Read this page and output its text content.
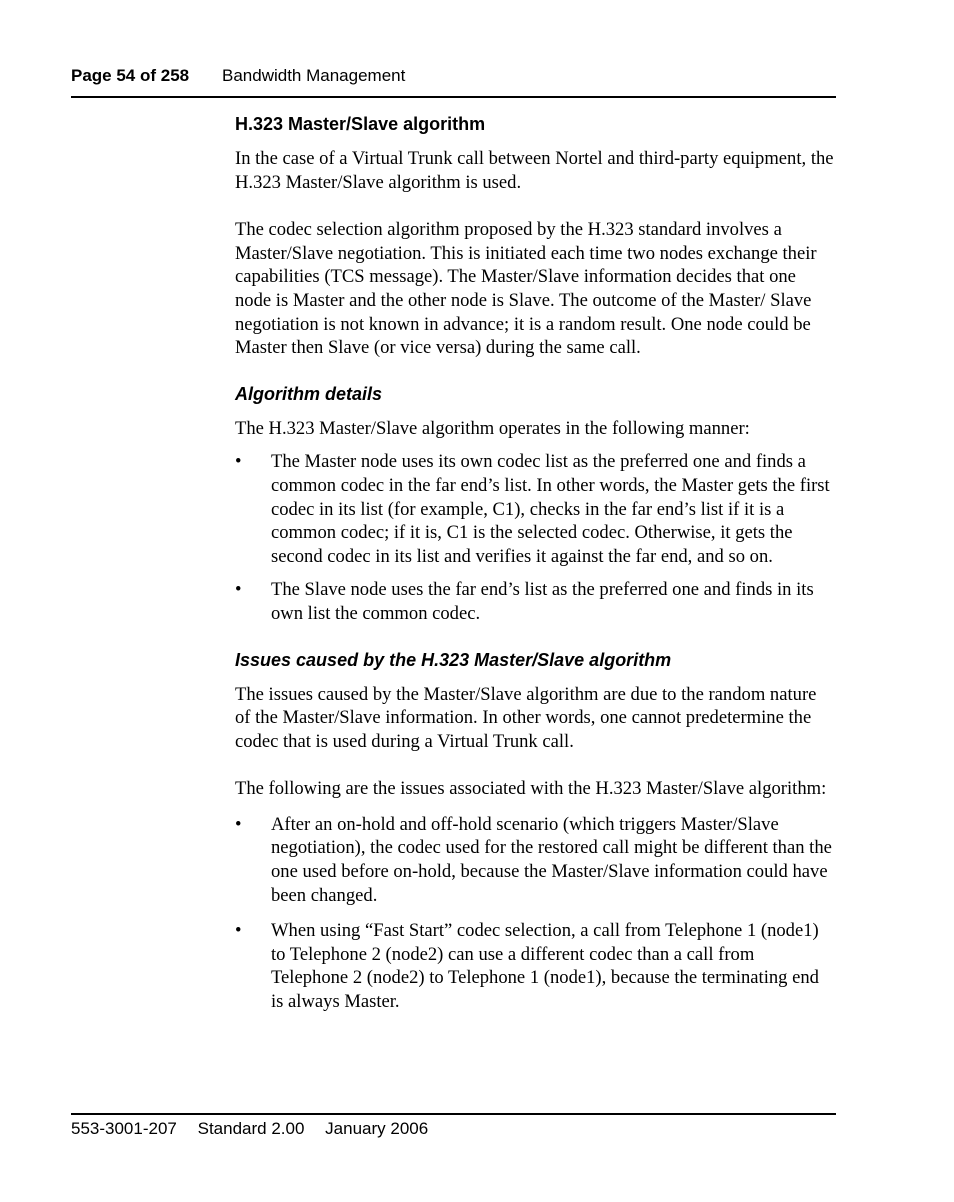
Page 54 of 258 Bandwidth Management
H.323 Master/Slave algorithm

In the case of a Virtual Trunk call between Nortel and third-party equipment, the H.323 Master/Slave algorithm is used.

The codec selection algorithm proposed by the H.323 standard involves a Master/Slave negotiation. This is initiated each time two nodes exchange their capabilities (TCS message). The Master/Slave information decides that one node is Master and the other node is Slave. The outcome of the Master/ Slave negotiation is not known in advance; it is a random result. One node could be Master then Slave (or vice versa) during the same call.

Algorithm details

The H.323 Master/Slave algorithm operates in the following manner:

• The Master node uses its own codec list as the preferred one and finds a common codec in the far end’s list. In other words, the Master gets the first codec in its list (for example, C1), checks in the far end’s list if it is a common codec; if it is, C1 is the selected codec. Otherwise, it gets the second codec in its list and verifies it against the far end, and so on.
• The Slave node uses the far end’s list as the preferred one and finds in its own list the common codec.
Issues caused by the H.323 Master/Slave algorithm

The issues caused by the Master/Slave algorithm are due to the random nature of the Master/Slave information. In other words, one cannot predetermine the codec that is used during a Virtual Trunk call.

The following are the issues associated with the H.323 Master/Slave algorithm:

• After an on-hold and off-hold scenario (which triggers Master/Slave negotiation), the codec used for the restored call might be different than the one used before on-hold, because the Master/Slave information could have been changed.
• When using “Fast Start” codec selection, a call from Telephone 1 (node1) to Telephone 2 (node2) can use a different codec than a call from Telephone 2 (node2) to Telephone 1 (node1), because the terminating end is always Master.
553-3001-207 Standard 2.00 January 2006
